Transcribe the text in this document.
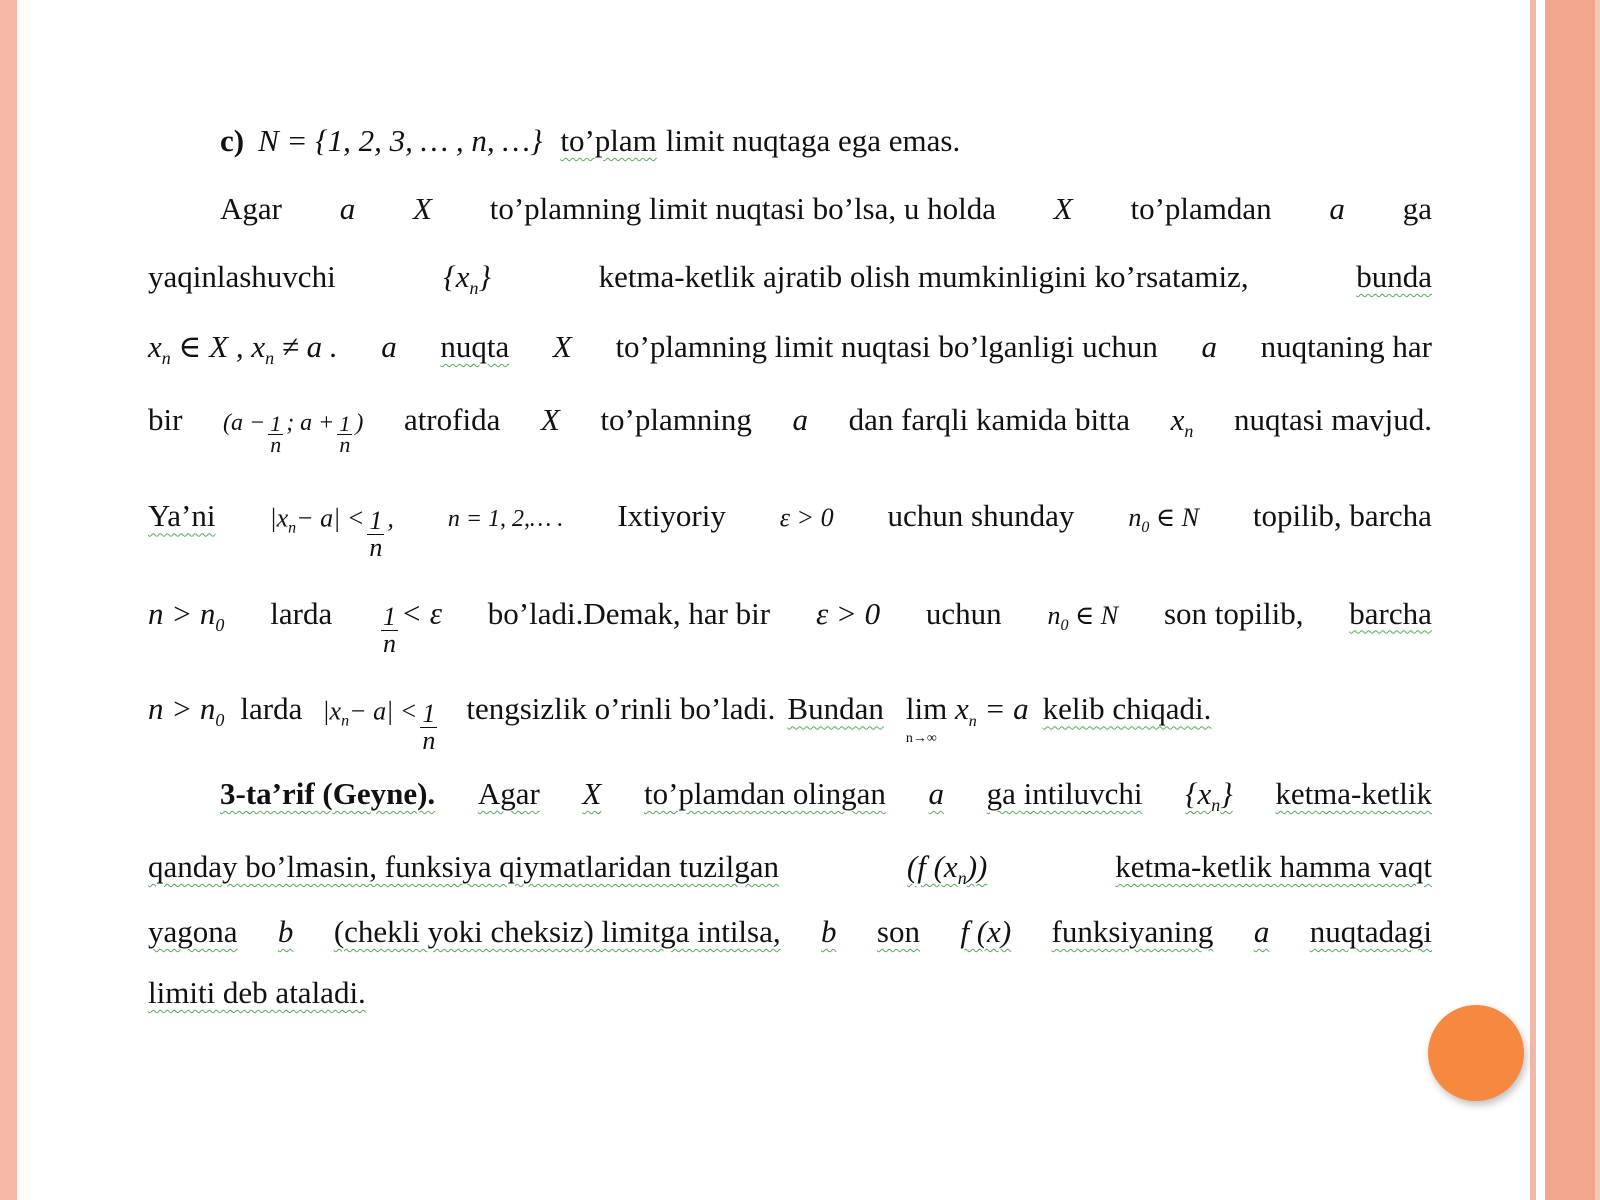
c) N = {1, 2, 3, … , n, …} to’plam limit nuqtaga ega emas.
Agar a X to’plamning limit nuqtasi bo’lsa, u holda X to’plamdan a ga
yaqinlashuvchi	$\{x_n\}$	ketma-ketlik ajratib olish mumkinligini ko’rsatamiz,	bunda
$x_n$ ∈ X , $x_n \ne a$ . a nuqta X to’plamning limit nuqtasi bo’lganligi uchun a nuqtaning har
bir ($a - \frac{1}{n}$ ; $a + \frac{1}{n}$ ) atrofida X to’plamning a dan farqli kamida bitta $x_n$ nuqtasi mavjud.
Ya’ni $|x_n- a| < \frac{1}{n}$ , n = 1, 2,… . Ixtiyoriy ε > 0 uchun shunday $n_0$ ∈ N topilib, barcha
$n > n_0$ larda $\frac{1}{n} < \varepsilon$ bo’ladi.Demak, har bir ε > 0 uchun $n_0$ ∈ N son topilib, barcha
$n > n_0$ larda $|x_n- a| < \frac{1}{n}$ tengsizlik o’rinli bo’ladi. Bundan lim
n→∞
$x_n = a$ kelib chiqadi.
3-ta’rif (Geyne). Agar X to’plamdan olingan a ga intiluvchi $\{x_n\}$ ketma-ketlik
qanday bo’lmasin, funksiya qiymatlaridan tuzilgan	(f $(x_n)$)	ketma-ketlik hamma vaqt
yagona b (chekli yoki cheksiz) limitga intilsa, b son f (x) funksiyaning a nuqtadagi
limiti deb ataladi.
